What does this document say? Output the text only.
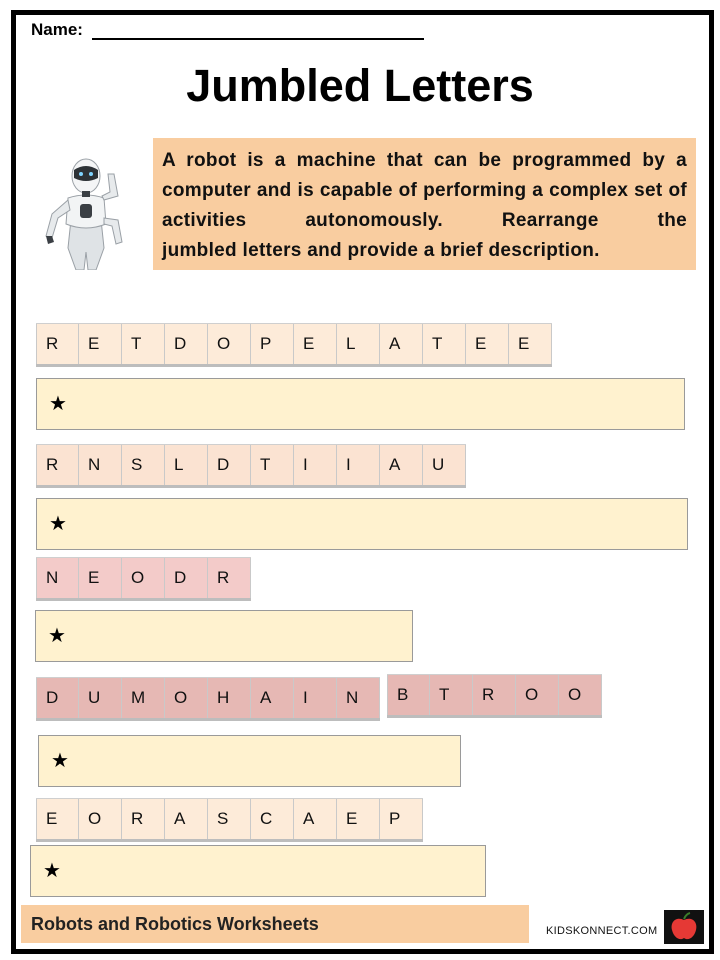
Name:
Jumbled Letters
A robot is a machine that can be programmed by a computer and is capable of performing a complex set of activities autonomously. Rearrange the
jumbled letters and provide a brief description.
R	E	T	D	O	P	E	L	A	T	E	E
★
R	N	S	L	D	T	I	I	A	U
★
N	E	O	D	R
★
D	U	M	O	H	A	I	N	B	T	R	O	O
★
E	O	R	A	S	C	A	E	P
★
Robots and Robotics Worksheets	KIDSKONNECT.COM
